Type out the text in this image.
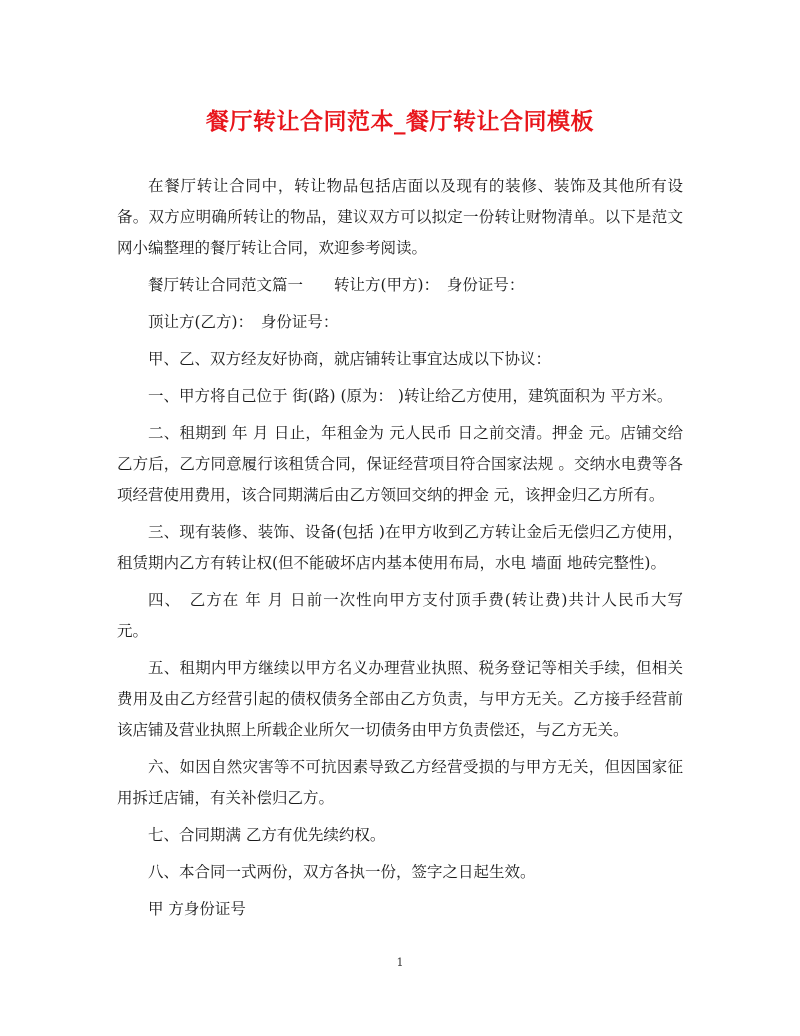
餐厅转让合同范本_餐厅转让合同模板

在餐厅转让合同中，转让物品包括店面以及现有的装修、装饰及其他所有设备。双方应明确所转让的物品，建议双方可以拟定一份转让财物清单。以下是范文网小编整理的餐厅转让合同，欢迎参考阅读。

餐厅转让合同范文篇一　　转让方(甲方)：　身份证号：

顶让方(乙方)：　身份证号：

甲、乙、双方经友好协商，就店铺转让事宜达成以下协议：

一、甲方将自己位于 街(路) (原为： )转让给乙方使用，建筑面积为 平方米。

二、租期到 年 月 日止，年租金为 元人民币 日之前交清。押金 元。店铺交给乙方后，乙方同意履行该租赁合同，保证经营项目符合国家法规 。交纳水电费等各项经营使用费用，该合同期满后由乙方领回交纳的押金 元，该押金归乙方所有。

三、现有装修、装饰、设备(包括 )在甲方收到乙方转让金后无偿归乙方使用，租赁期内乙方有转让权(但不能破坏店内基本使用布局，水电 墙面 地砖完整性)。

四、　乙方在 年 月 日前一次性向甲方支付顶手费(转让费)共计人民币大写 元。

五、租期内甲方继续以甲方名义办理营业执照、税务登记等相关手续，但相关费用及由乙方经营引起的债权债务全部由乙方负责，与甲方无关。乙方接手经营前该店铺及营业执照上所载企业所欠一切债务由甲方负责偿还，与乙方无关。

六、如因自然灾害等不可抗因素导致乙方经营受损的与甲方无关，但因国家征用拆迁店铺，有关补偿归乙方。

七、合同期满 乙方有优先续约权。

八、本合同一式两份，双方各执一份，签字之日起生效。

甲 方身份证号

1
